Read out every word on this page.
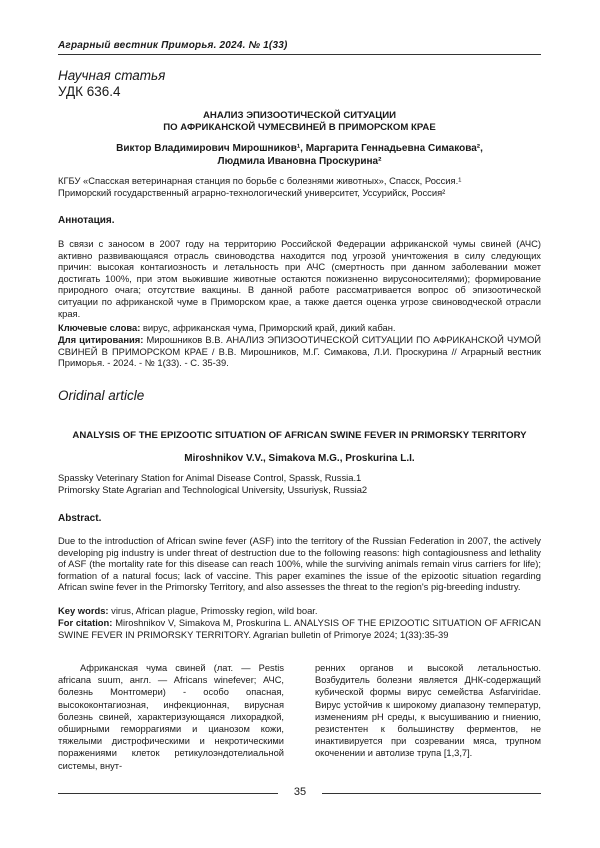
Аграрный вестник Приморья. 2024. № 1(33)
Научная статья
УДК 636.4
АНАЛИЗ ЭПИЗООТИЧЕСКОЙ СИТУАЦИИ
ПО АФРИКАНСКОЙ ЧУМЕСВИНЕЙ В ПРИМОРСКОМ КРАЕ
Виктор Владимирович Мирошников¹, Маргарита Геннадьевна Симакова²,
Людмила Ивановна Проскурина²
КГБУ «Спасская ветеринарная станция по борьбе с болезнями животных», Спасск, Россия.¹
Приморский государственный аграрно-технологический университет, Уссурийск, Россия²
Аннотация.
В связи с заносом в 2007 году на территорию Российской Федерации африканской чумы свиней (АЧС) активно развивающаяся отрасль свиноводства находится под угрозой уничтожения в силу следующих причин: высокая контагиозность и летальность при АЧС (смертность при данном заболевании может достигать 100%, при этом выжившие животные остаются пожизненно вирусоносителями); формирование природного очага; отсутствие вакцины. В данной работе рассматривается вопрос об эпизоотической ситуации по африканской чуме в Приморском крае, а также дается оценка угрозе свиноводческой отрасли края.
Ключевые слова: вирус, африканская чума, Приморский край, дикий кабан.
Для цитирования: Мирошников В.В. АНАЛИЗ ЭПИЗООТИЧЕСКОЙ СИТУАЦИИ ПО АФРИКАНСКОЙ ЧУМОЙ СВИНЕЙ В ПРИМОРСКОМ КРАЕ / В.В. Мирошников, М.Г. Симакова, Л.И. Проскурина // Аграрный вестник Приморья. - 2024. - № 1(33). - С. 35-39.
Oridinal article
ANALYSIS OF THE EPIZOOTIC SITUATION OF AFRICAN SWINE FEVER IN PRIMORSKY TERRITORY
Miroshnikov V.V., Simakova M.G., Proskurina L.I.
Spassky Veterinary Station for Animal Disease Control, Spassk, Russia.1
Primorsky State Agrarian and Technological University, Ussuriysk, Russia2
Abstract.
Due to the introduction of African swine fever (ASF) into the territory of the Russian Federation in 2007, the actively developing pig industry is under threat of destruction due to the following reasons: high contagiousness and lethality of ASF (the mortality rate for this disease can reach 100%, while the surviving animals remain virus carriers for life); formation of a natural focus; lack of vaccine. This paper examines the issue of the epizootic situation regarding African swine fever in the Primorsky Territory, and also assesses the threat to the region's pig-breeding industry.
Key words: virus, African plague, Primossky region, wild boar.
For citation: Miroshnikov V, Simakova M, Proskurina L. ANALYSIS OF THE EPIZOOTIC SITUATION OF AFRICAN SWINE FEVER IN PRIMORSKY TERRITORY. Agrarian bulletin of Primorye 2024; 1(33):35-39
Африканская чума свиней (лат. — Pestis africana suum, англ. — Africans winefever; АЧС, болезнь Монтгомери) - особо опасная, высококонтагиозная, инфекционная, вирусная болезнь свиней, характеризующаяся лихорадкой, обширными геморрагиями и цианозом кожи, тяжелыми дистрофическими и некротическими поражениями клеток ретикулоэндотелиальной системы, внут-
ренних органов и высокой летальностью. Возбудитель болезни является ДНК-содержащий кубической формы вирус семейства Asfarviridae. Вирус устойчив к широкому диапазону температур, изменениям pH среды, к высушиванию и гниению, резистентен к большинству ферментов, не инактивируется при созревании мяса, трупном окоченении и автолизе трупа [1,3,7].
35
